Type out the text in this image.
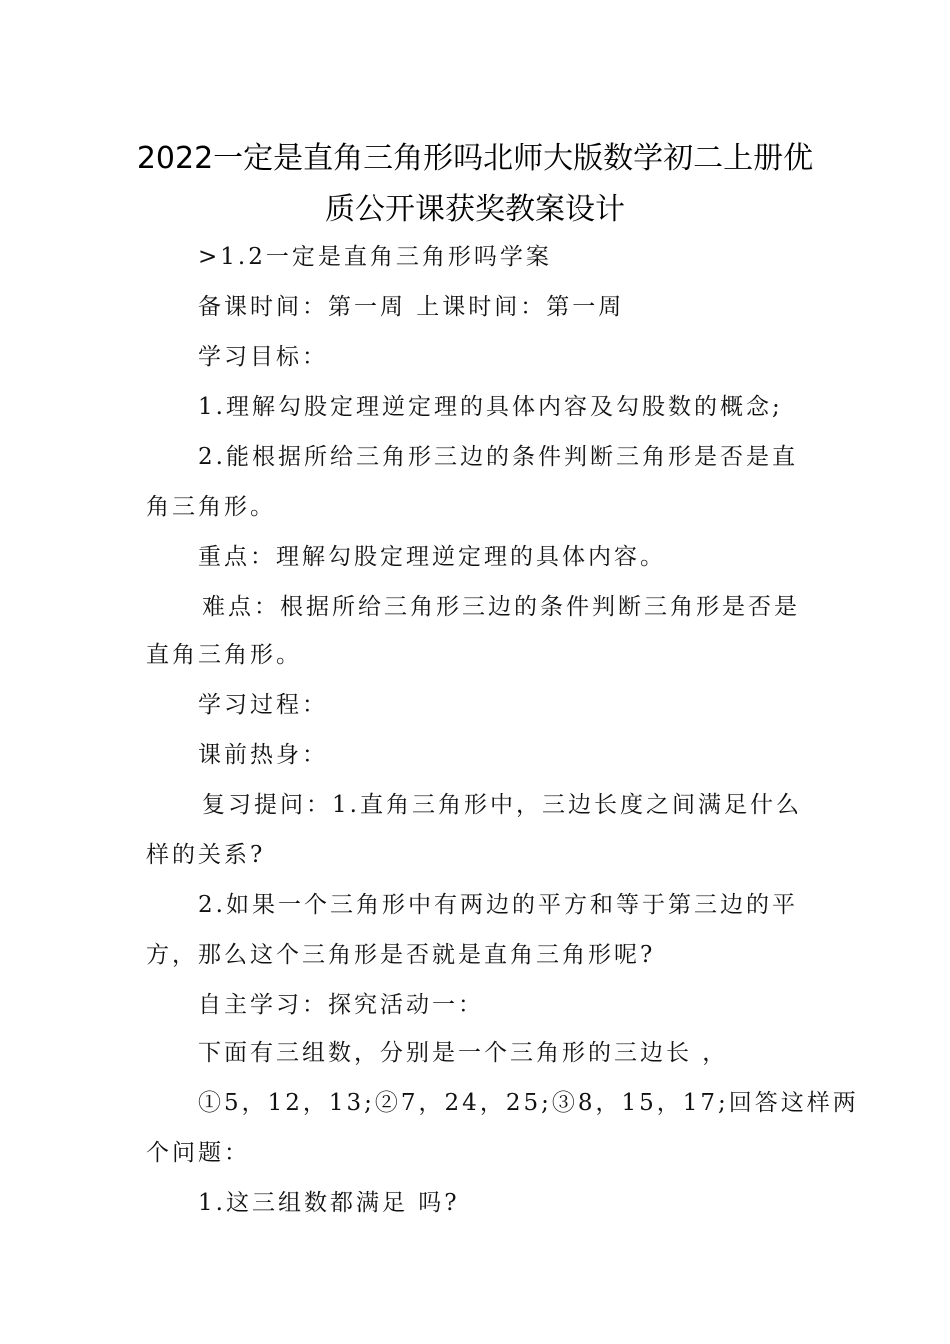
2022一定是直角三角形吗北师大版数学初二上册优
质公开课获奖教案设计
>1.2一定是直角三角形吗学案
备课时间：第一周 上课时间：第一周
学习目标：
1.理解勾股定理逆定理的具体内容及勾股数的概念;
2.能根据所给三角形三边的条件判断三角形是否是直
角三角形。
重点：理解勾股定理逆定理的具体内容。
难点：根据所给三角形三边的条件判断三角形是否是
直角三角形。
学习过程：
课前热身：
复习提问：1.直角三角形中，三边长度之间满足什么
样的关系?
2.如果一个三角形中有两边的平方和等于第三边的平
方，那么这个三角形是否就是直角三角形呢?
自主学习：探究活动一：
下面有三组数，分别是一个三角形的三边长 ，
①5，12，13;②7，24，25;③8，15，17;回答这样两
个问题：
1.这三组数都满足 吗?
